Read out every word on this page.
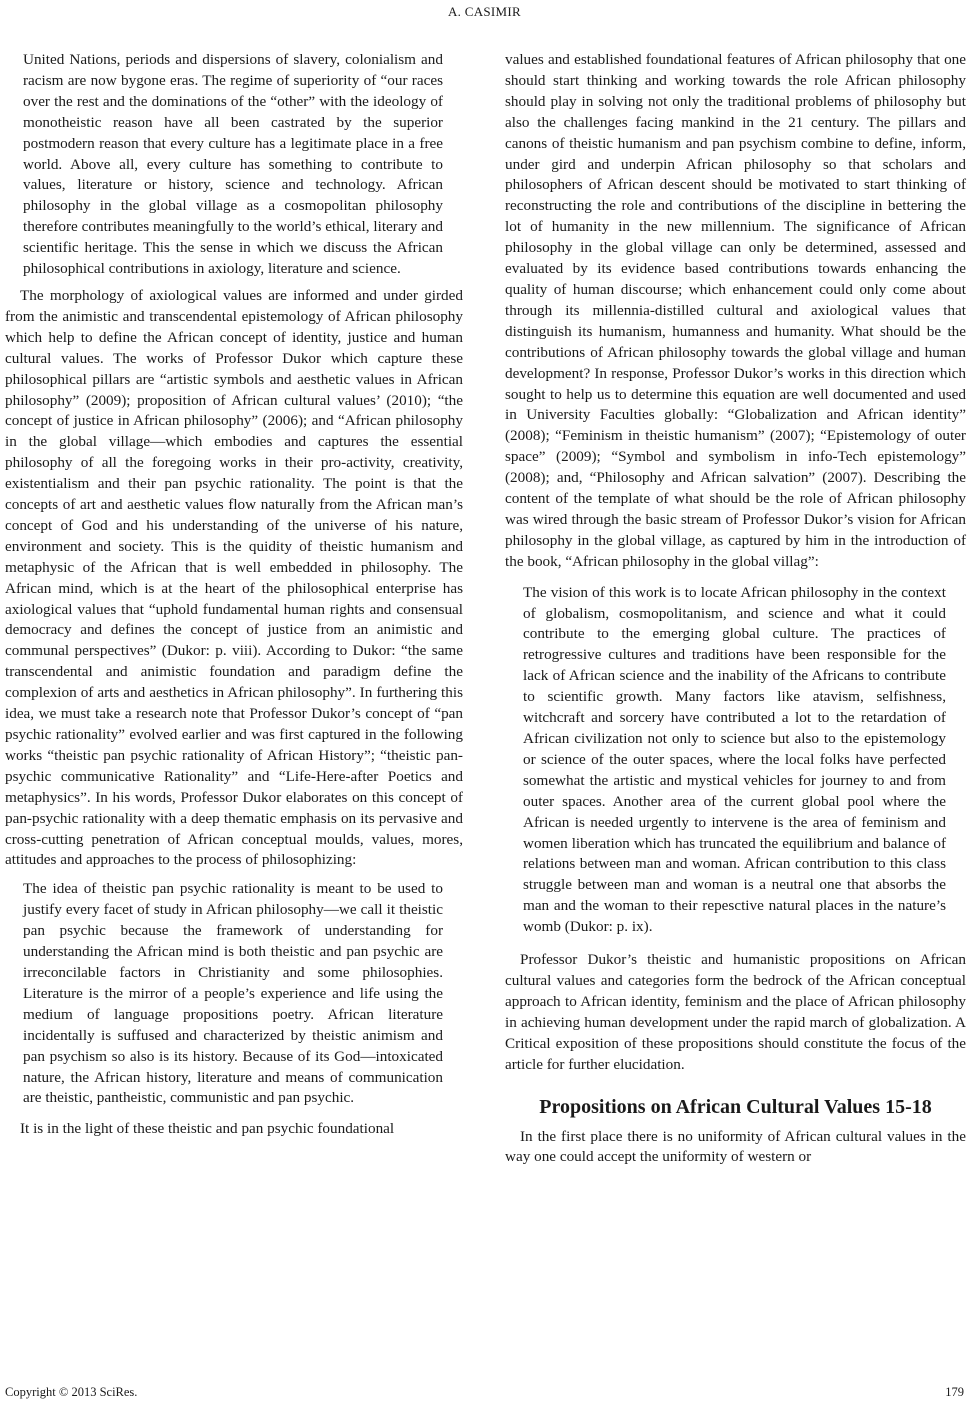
A. CASIMIR

United Nations, periods and dispersions of slavery, colonialism and racism are now bygone eras. The regime of superiority of “our races over the rest and the dominations of the “other” with the ideology of monotheistic reason have all been castrated by the superior postmodern reason that every culture has a legitimate place in a free world. Above all, every culture has something to contribute to values, literature or history, science and technology. African philosophy in the global village as a cosmopolitan philosophy therefore contributes meaningfully to the world’s ethical, literary and scientific heritage. This the sense in which we discuss the African philosophical contributions in axiology, literature and science.

The morphology of axiological values are informed and under girded from the animistic and transcendental epistemology of African philosophy which help to define the African concept of identity, justice and human cultural values. The works of Professor Dukor which capture these philosophical pillars are “artistic symbols and aesthetic values in African philosophy” (2009); proposition of African cultural values’ (2010); “the concept of justice in African philosophy” (2006); and “African philosophy in the global village—which embodies and captures the essential philosophy of all the foregoing works in their pro-activity, creativity, existentialism and their pan psychic rationality. The point is that the concepts of art and aesthetic values flow naturally from the African man’s concept of God and his understanding of the universe of his nature, environment and society. This is the quidity of theistic humanism and metaphysic of the African that is well embedded in philosophy. The African mind, which is at the heart of the philosophical enterprise has axiological values that “uphold fundamental human rights and consensual democracy and defines the concept of justice from an animistic and communal perspectives” (Dukor: p. viii). According to Dukor: “the same transcendental and animistic foundation and paradigm define the complexion of arts and aesthetics in African philosophy”. In furthering this idea, we must take a research note that Professor Dukor’s concept of “pan psychic rationality” evolved earlier and was first captured in the following works “theistic pan psychic rationality of African History”; “theistic pan-psychic communicative Rationality” and “Life-Here-after Poetics and metaphysics”. In his words, Professor Dukor elaborates on this concept of pan-psychic rationality with a deep thematic emphasis on its pervasive and cross-cutting penetration of African conceptual moulds, values, mores, attitudes and approaches to the process of philosophizing:

The idea of theistic pan psychic rationality is meant to be used to justify every facet of study in African philosophy—we call it theistic pan psychic because the framework of understanding for understanding the African mind is both theistic and pan psychic are irreconcilable factors in Christianity and some philosophies. Literature is the mirror of a people’s experience and life using the medium of language propositions poetry. African literature incidentally is suffused and characterized by theistic animism and pan psychism so also is its history. Because of its God—intoxicated nature, the African history, literature and means of communication are theistic, pantheistic, communistic and pan psychic.

It is in the light of these theistic and pan psychic foundational

values and established foundational features of African philosophy that one should start thinking and working towards the role African philosophy should play in solving not only the traditional problems of philosophy but also the challenges facing mankind in the 21 century. The pillars and canons of theistic humanism and pan psychism combine to define, inform, under gird and underpin African philosophy so that scholars and philosophers of African descent should be motivated to start thinking of reconstructing the role and contributions of the discipline in bettering the lot of humanity in the new millennium. The significance of African philosophy in the global village can only be determined, assessed and evaluated by its evidence based contributions towards enhancing the quality of human discourse; which enhancement could only come about through its millennia-distilled cultural and axiological values that distinguish its humanism, humanness and humanity. What should be the contributions of African philosophy towards the global village and human development? In response, Professor Dukor’s works in this direction which sought to help us to determine this equation are well documented and used in University Faculties globally: “Globalization and African identity” (2008); “Feminism in theistic humanism” (2007); “Epistemology of outer space” (2009); “Symbol and symbolism in info-Tech epistemology” (2008); and, “Philosophy and African salvation” (2007). Describing the content of the template of what should be the role of African philosophy was wired through the basic stream of Professor Dukor’s vision for African philosophy in the global village, as captured by him in the introduction of the book, “African philosophy in the global villag”:

The vision of this work is to locate African philosophy in the context of globalism, cosmopolitanism, and science and what it could contribute to the emerging global culture. The practices of retrogressive cultures and traditions have been responsible for the lack of African science and the inability of the Africans to contribute to scientific growth. Many factors like atavism, selfishness, witchcraft and sorcery have contributed a lot to the retardation of African civilization not only to science but also to the epistemology or science of the outer spaces, where the local folks have perfected somewhat the artistic and mystical vehicles for journey to and from outer spaces. Another area of the current global pool where the African is needed urgently to intervene is the area of feminism and women liberation which has truncated the equilibrium and balance of relations between man and woman. African contribution to this class struggle between man and woman is a neutral one that absorbs the man and the woman to their repesctive natural places in the nature’s womb (Dukor: p. ix).

Professor Dukor’s theistic and humanistic propositions on African cultural values and categories form the bedrock of the African conceptual approach to African identity, feminism and the place of African philosophy in achieving human development under the rapid march of globalization. A Critical exposition of these propositions should constitute the focus of the article for further elucidation.

Propositions on African Cultural Values 15-18

In the first place there is no uniformity of African cultural values in the way one could accept the uniformity of western or

Copyright © 2013 SciRes.	179
